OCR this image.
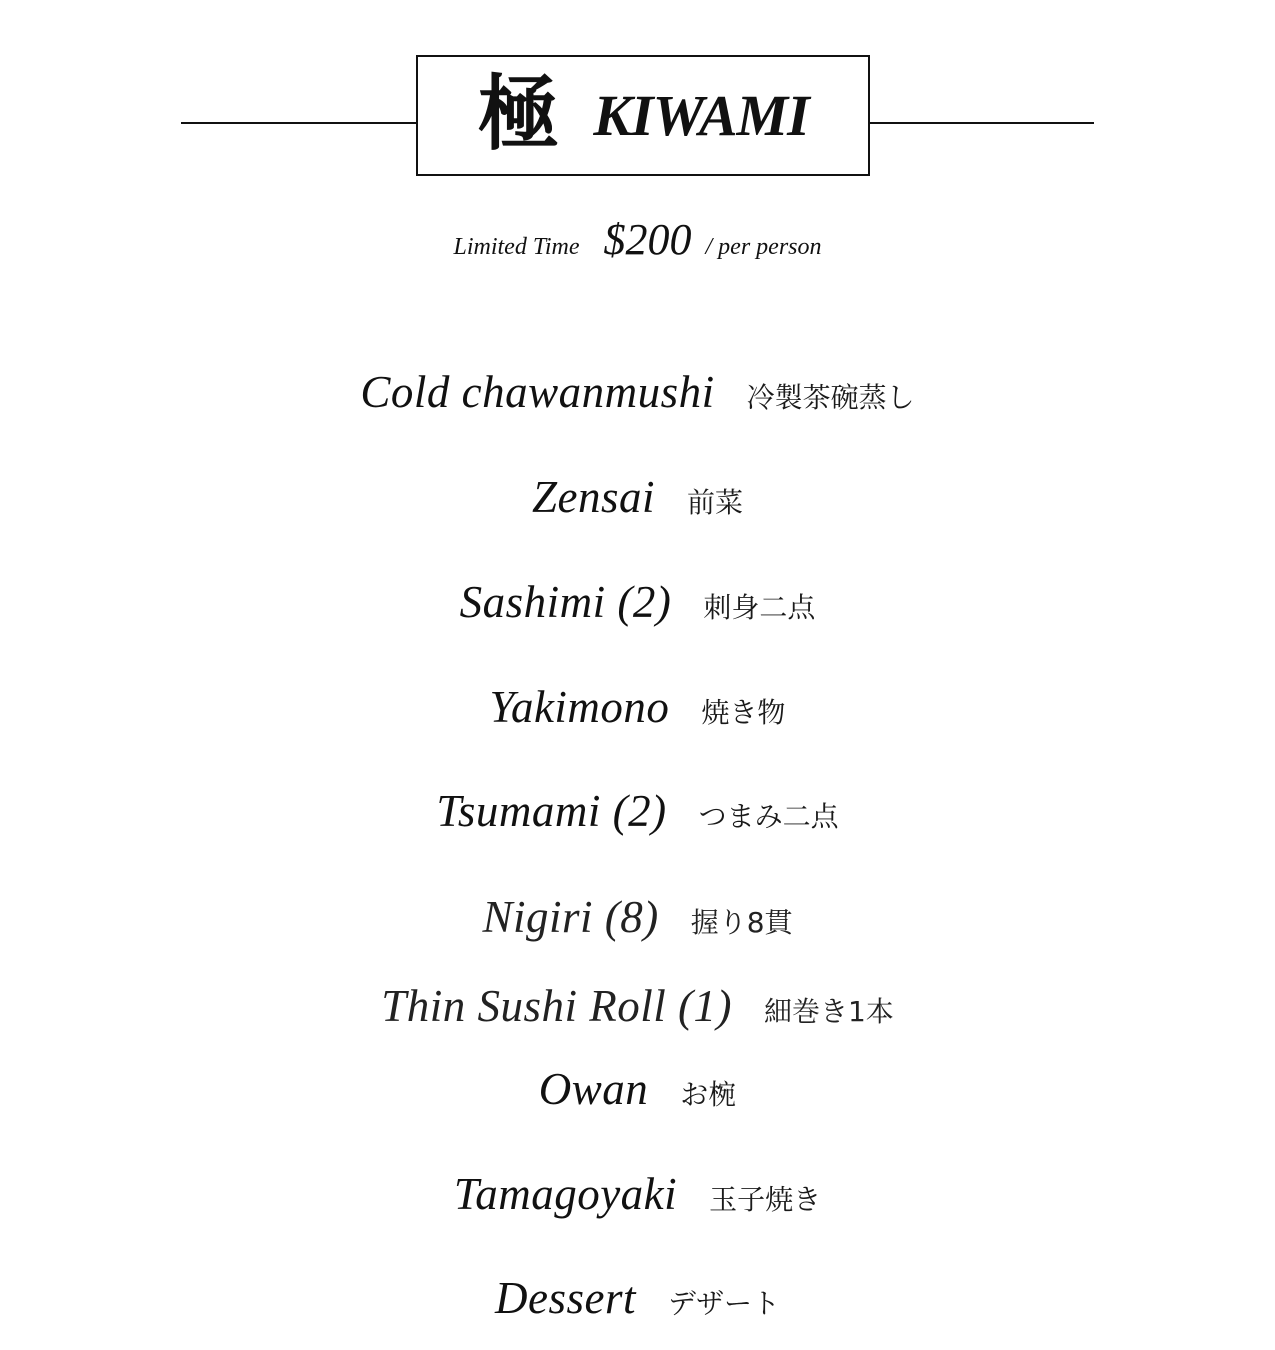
極 KIWAMI
Limited Time $200 / per person
Cold chawanmushi 冷製茶碗蒸し
Zensai 前菜
Sashimi (2) 刺身二点
Yakimono 焼き物
Tsumami (2) つまみ二点
Nigiri (8) 握り8貫
Thin Sushi Roll (1) 細巻き1本
Owan お椀
Tamagoyaki 玉子焼き
Dessert デザート
